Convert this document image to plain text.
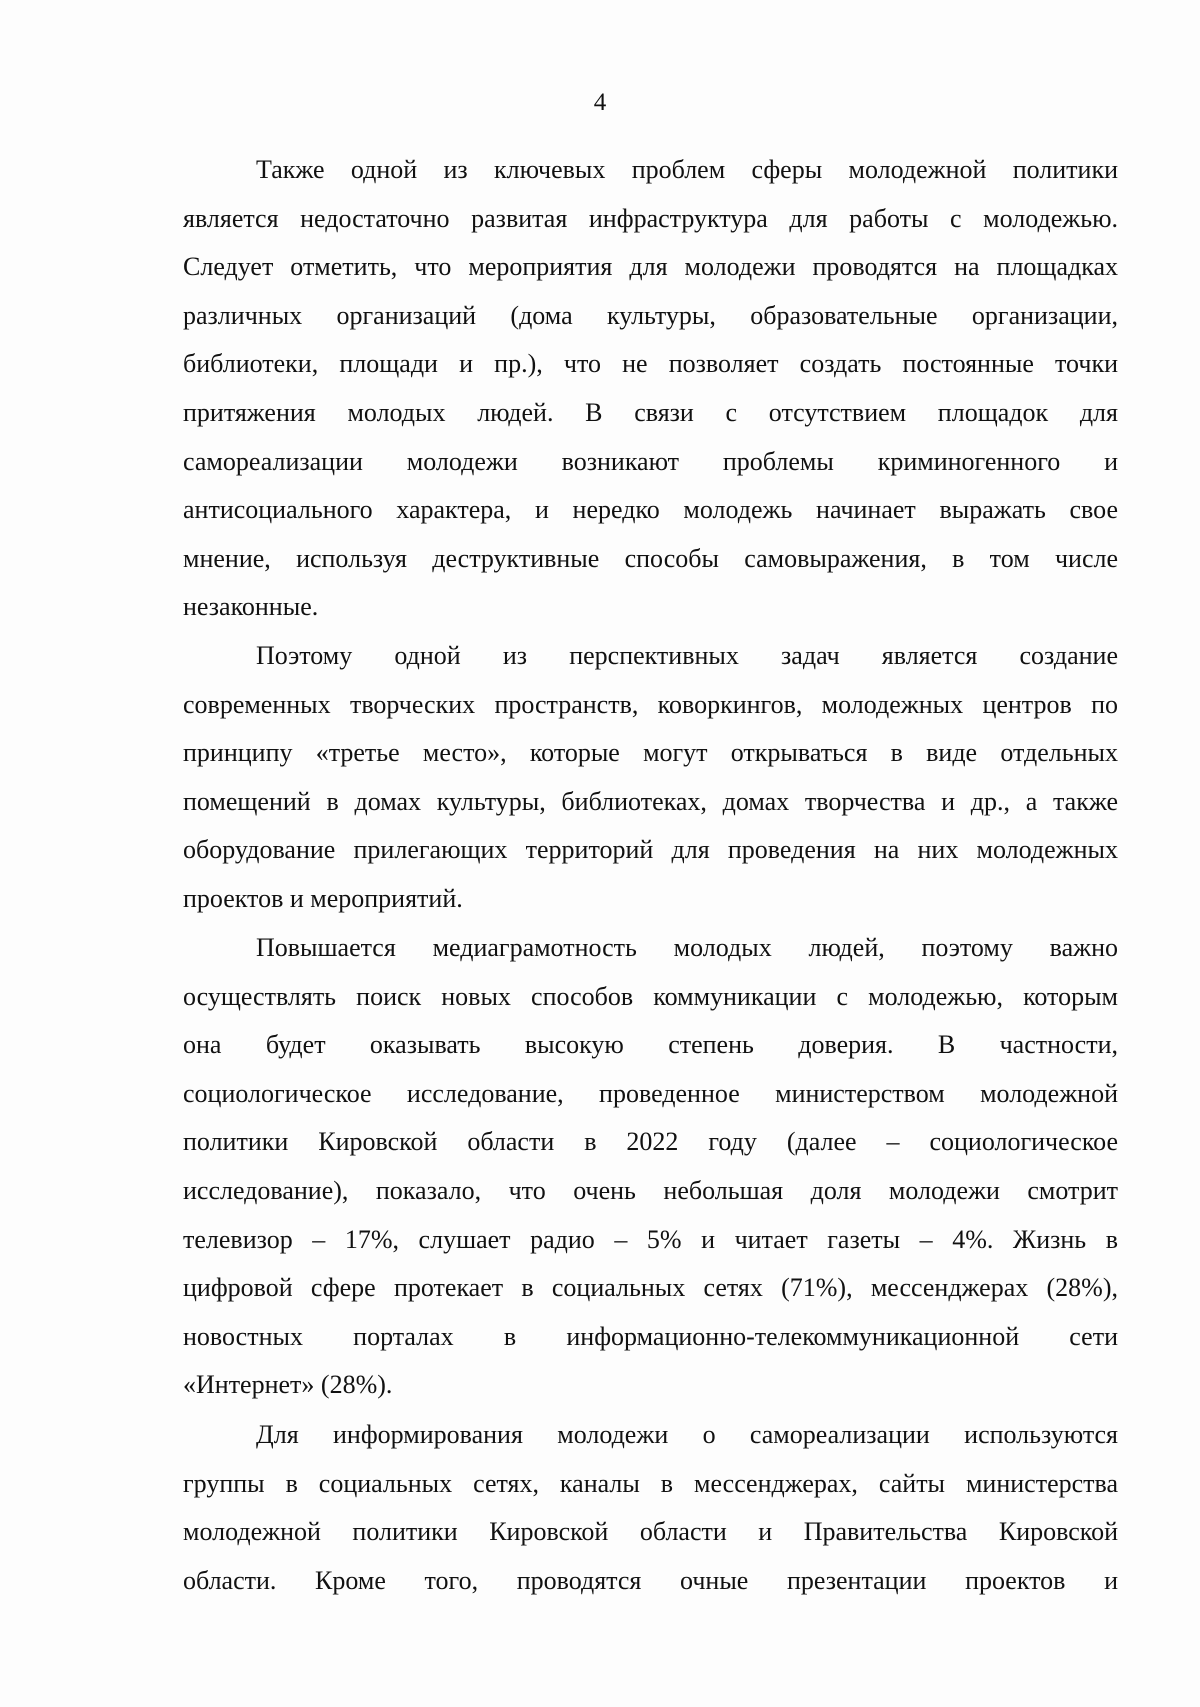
4
Также одной из ключевых проблем сферы молодежной политики
является недостаточно развитая инфраструктура для работы с молодежью.
Следует отметить, что мероприятия для молодежи проводятся на площадках
различных организаций (дома культуры, образовательные организации,
библиотеки, площади и пр.), что не позволяет создать постоянные точки
притяжения молодых людей. В связи с отсутствием площадок для
самореализации молодежи возникают проблемы криминогенного и
антисоциального характера, и нередко молодежь начинает выражать свое
мнение, используя деструктивные способы самовыражения, в том числе
незаконные.
Поэтому одной из перспективных задач является создание
современных творческих пространств, коворкингов, молодежных центров по
принципу «третье место», которые могут открываться в виде отдельных
помещений в домах культуры, библиотеках, домах творчества и др., а также
оборудование прилегающих территорий для проведения на них молодежных
проектов и мероприятий.
Повышается медиаграмотность молодых людей, поэтому важно
осуществлять поиск новых способов коммуникации с молодежью, которым
она будет оказывать высокую степень доверия. В частности,
социологическое исследование, проведенное министерством молодежной
политики Кировской области в 2022 году (далее – социологическое
исследование), показало, что очень небольшая доля молодежи смотрит
телевизор – 17%, слушает радио – 5% и читает газеты – 4%. Жизнь в
цифровой сфере протекает в социальных сетях (71%), мессенджерах (28%),
новостных порталах в информационно-телекоммуникационной сети
«Интернет» (28%).
Для информирования молодежи о самореализации используются
группы в социальных сетях, каналы в мессенджерах, сайты министерства
молодежной политики Кировской области и Правительства Кировской
области. Кроме того, проводятся очные презентации проектов и
